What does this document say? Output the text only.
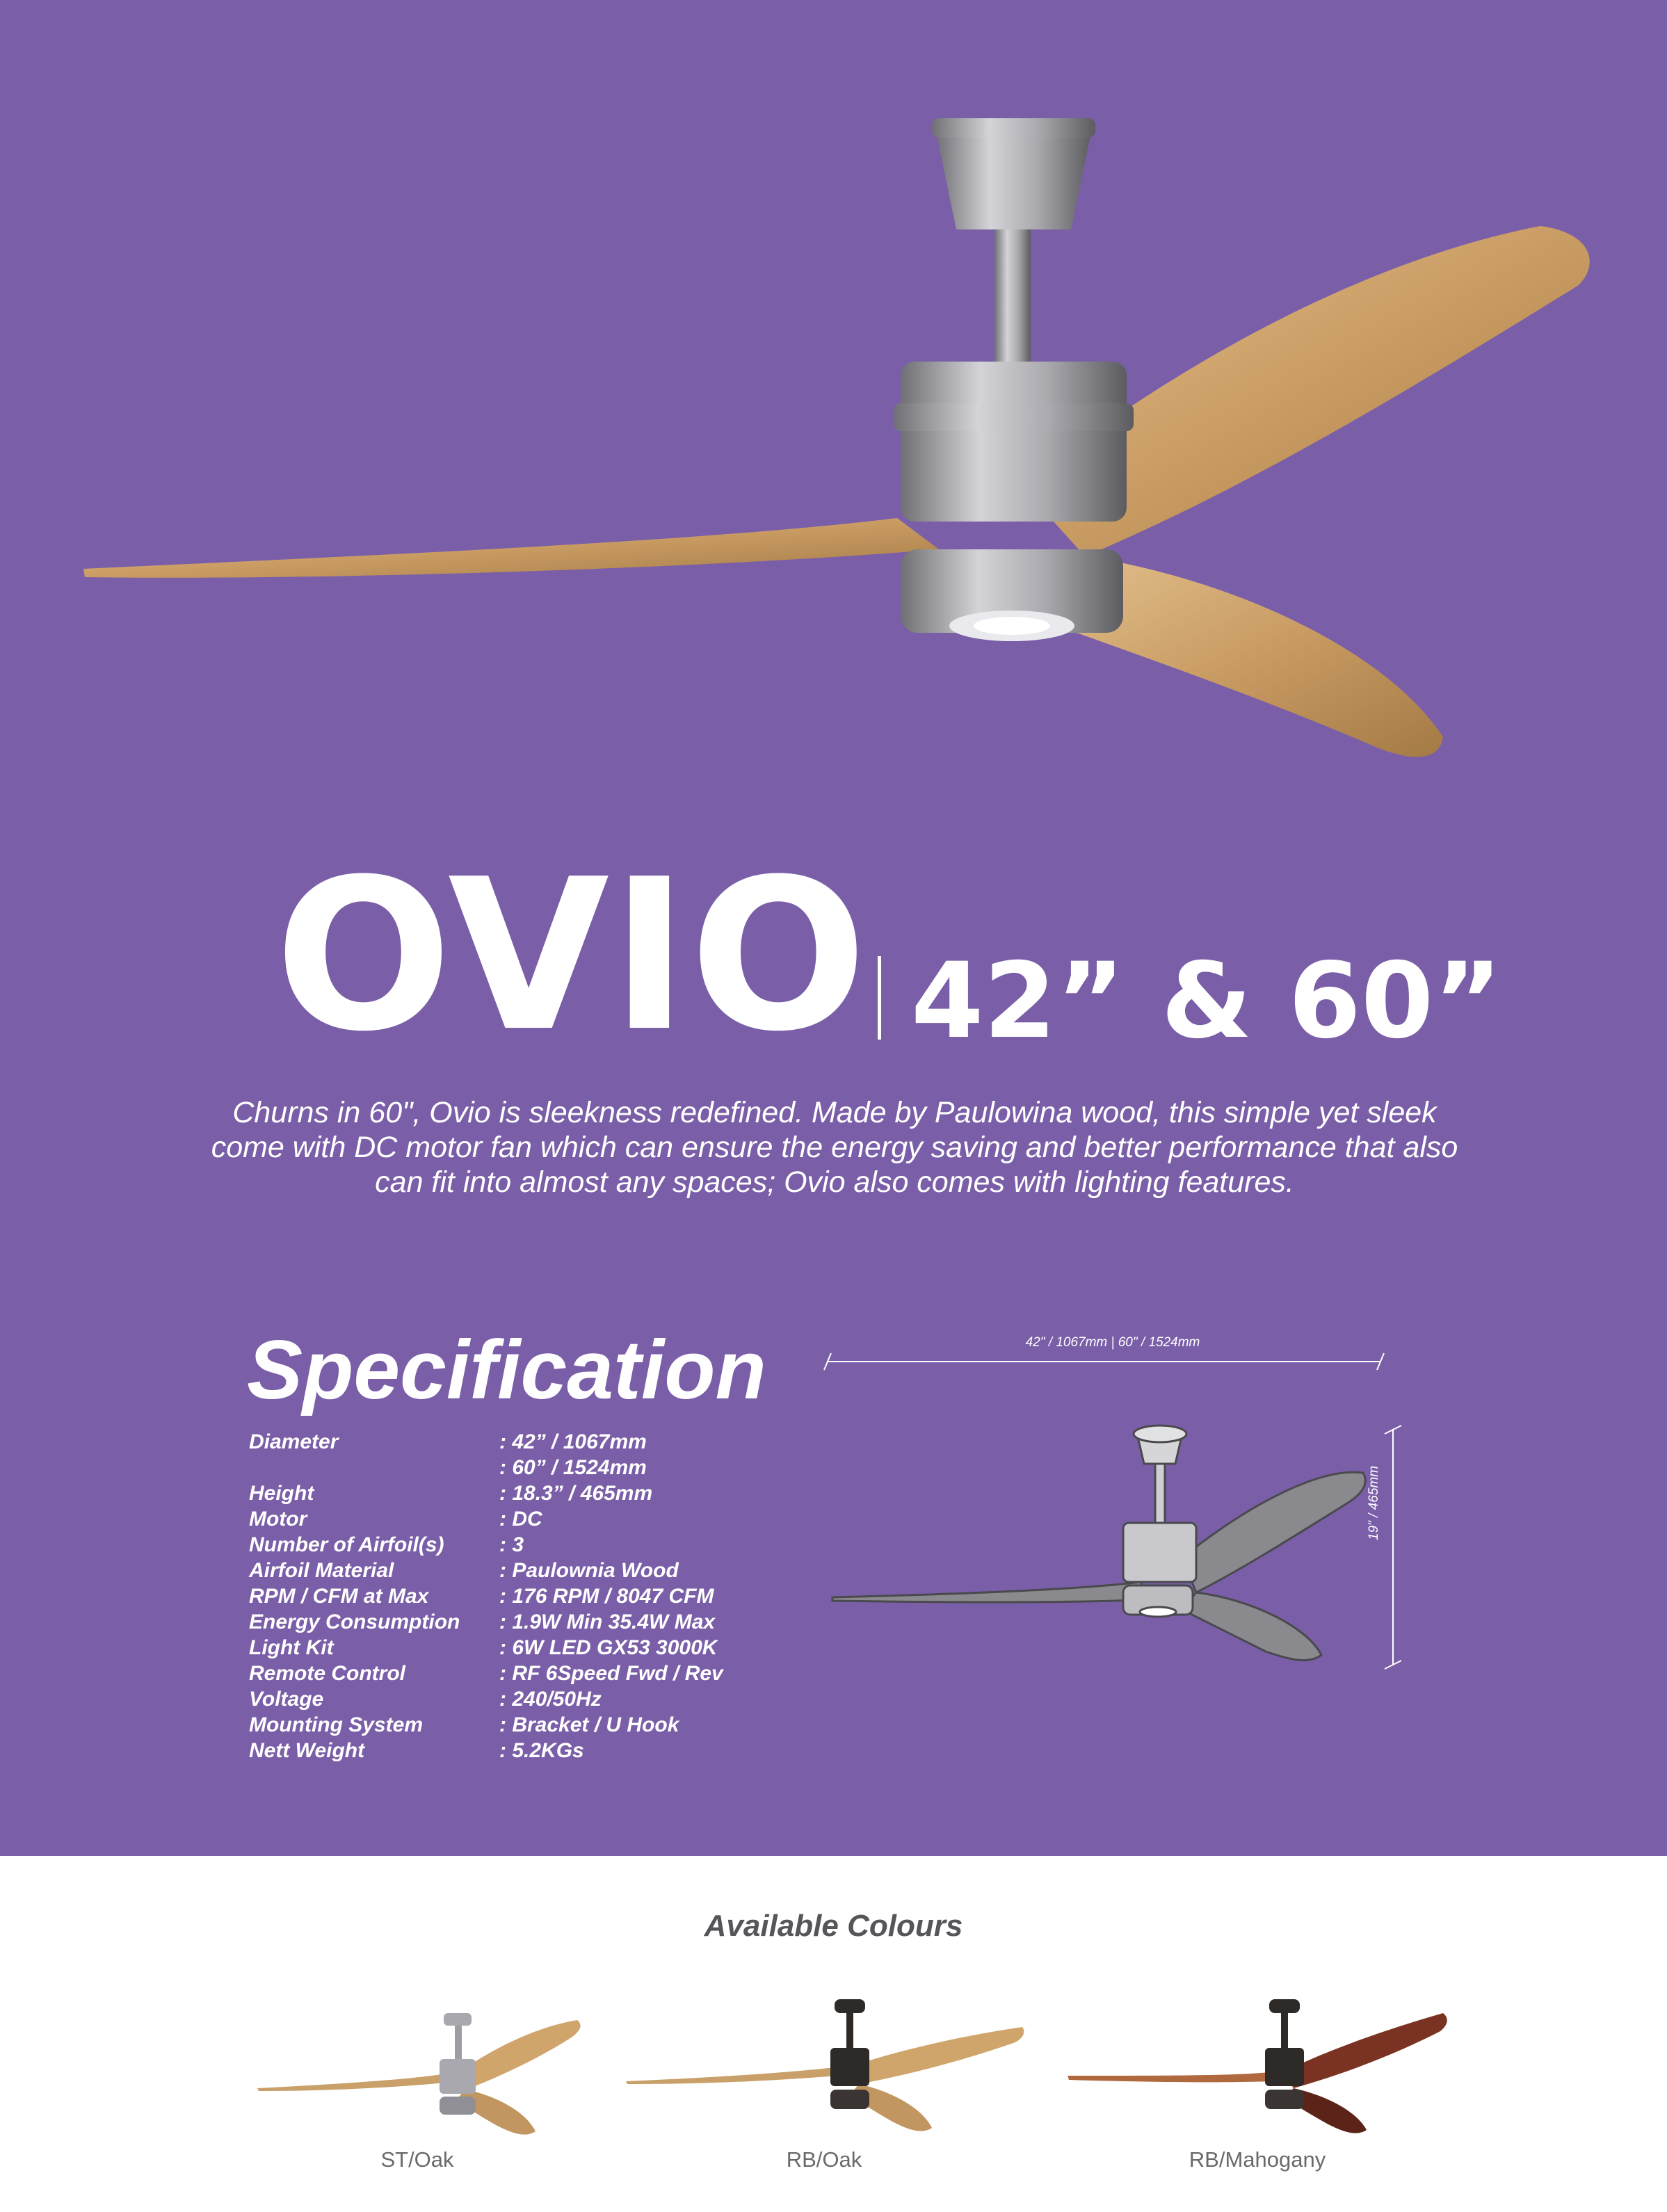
OVIO 42” & 60”
Churns in 60", Ovio is sleekness redefined. Made by Paulowina wood, this simple yet sleek come with DC motor fan which can ensure the energy saving and better performance that also can fit into almost any spaces; Ovio also comes with lighting features.
Specification
Diameter	: 42” / 1067mm
	: 60” / 1524mm
Height	: 18.3” / 465mm
Motor	: DC
Number of Airfoil(s)	: 3
Airfoil Material	: Paulownia Wood
RPM / CFM at Max	: 176 RPM / 8047 CFM
Energy Consumption	: 1.9W Min 35.4W Max
Light Kit	: 6W LED GX53 3000K
Remote Control	: RF 6Speed Fwd / Rev
Voltage	: 240/50Hz
Mounting System	: Bracket / U Hook
Nett Weight	: 5.2KGs
42" / 1067mm | 60" / 1524mm
19" / 465mm
Available Colours
ST/Oak	RB/Oak	RB/Mahogany
